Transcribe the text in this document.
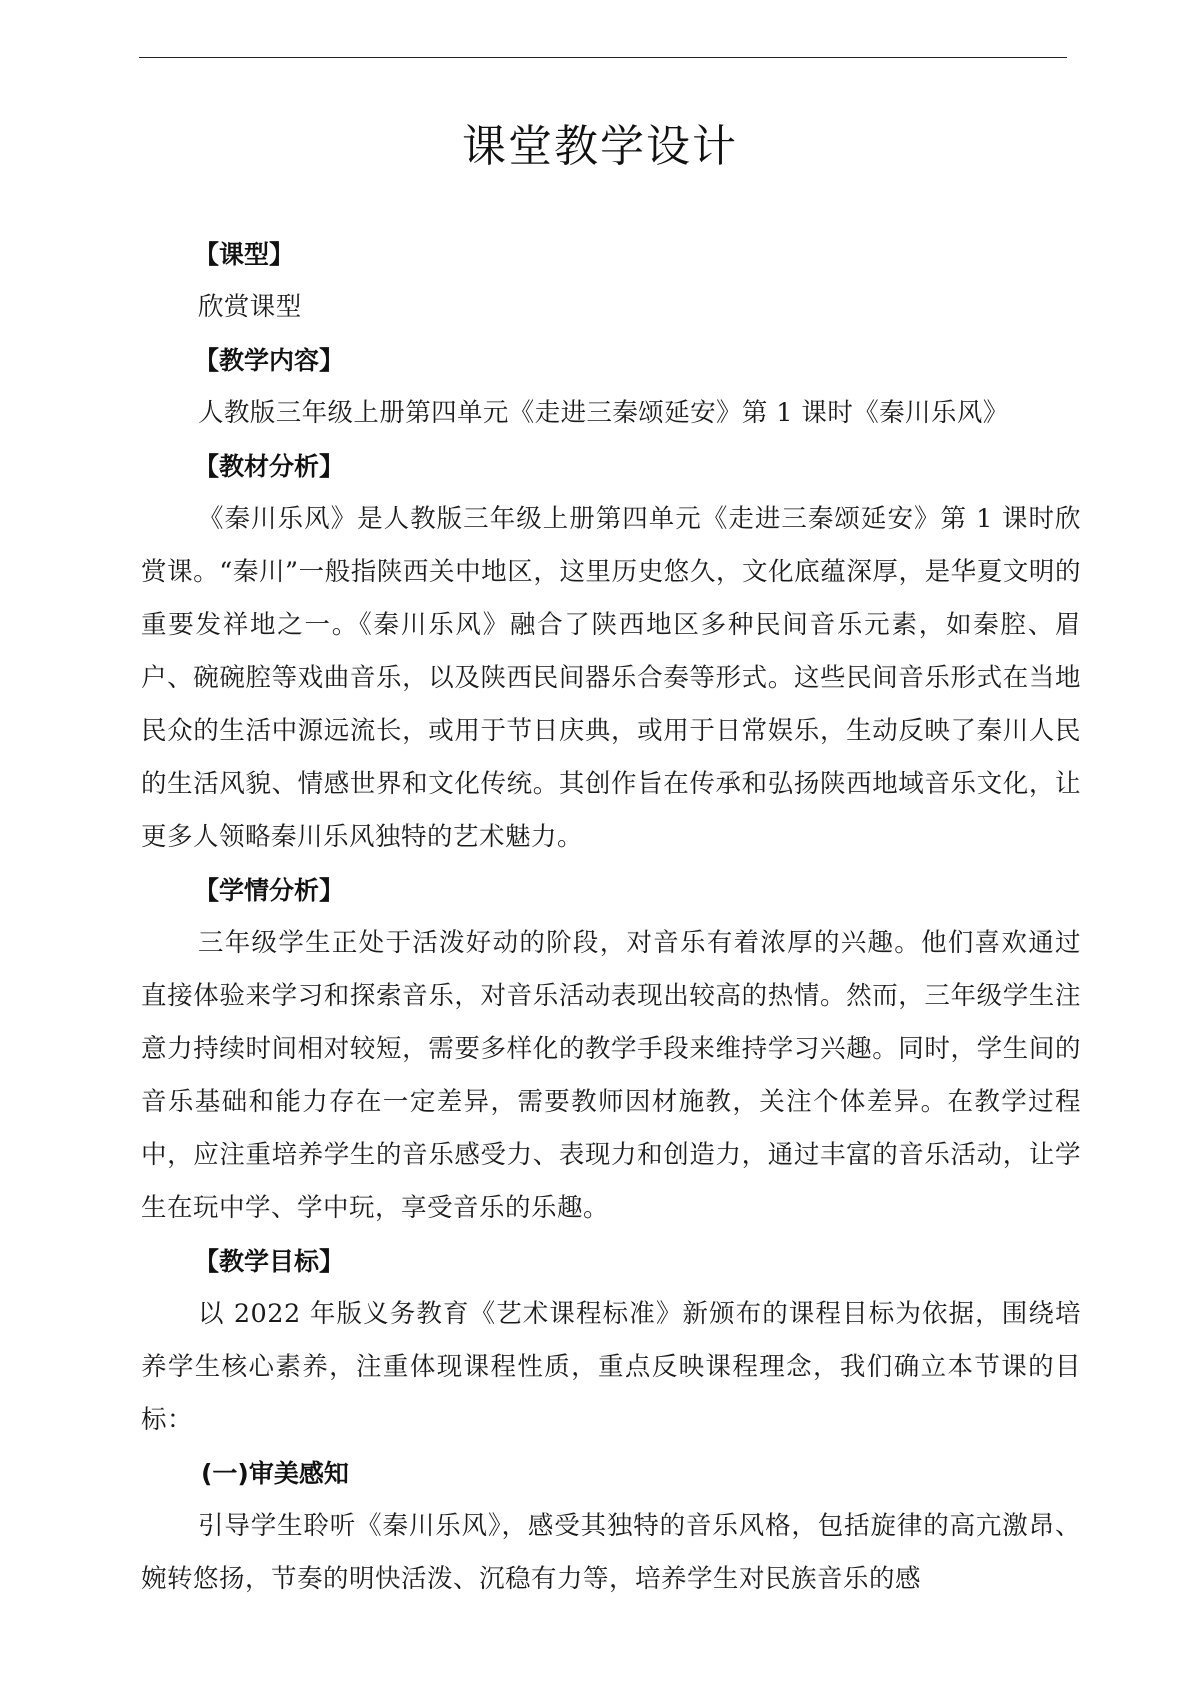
课堂教学设计
【课型】

欣赏课型

【教学内容】

人教版三年级上册第四单元《走进三秦颂延安》第 1 课时《秦川乐风》

【教材分析】

《秦川乐风》是人教版三年级上册第四单元《走进三秦颂延安》第 1 课时欣赏课。“秦川”一般指陕西关中地区，这里历史悠久，文化底蕴深厚，是华夏文明的重要发祥地之一。《秦川乐风》融合了陕西地区多种民间音乐元素，如秦腔、眉户、碗碗腔等戏曲音乐，以及陕西民间器乐合奏等形式。这些民间音乐形式在当地民众的生活中源远流长，或用于节日庆典，或用于日常娱乐，生动反映了秦川人民的生活风貌、情感世界和文化传统。其创作旨在传承和弘扬陕西地域音乐文化，让更多人领略秦川乐风独特的艺术魅力。

【学情分析】

三年级学生正处于活泼好动的阶段，对音乐有着浓厚的兴趣。他们喜欢通过直接体验来学习和探索音乐，对音乐活动表现出较高的热情。然而，三年级学生注意力持续时间相对较短，需要多样化的教学手段来维持学习兴趣。同时，学生间的音乐基础和能力存在一定差异，需要教师因材施教，关注个体差异。在教学过程中，应注重培养学生的音乐感受力、表现力和创造力，通过丰富的音乐活动，让学生在玩中学、学中玩，享受音乐的乐趣。

【教学目标】

以 2022 年版义务教育《艺术课程标准》新颁布的课程目标为依据，围绕培养学生核心素养，注重体现课程性质，重点反映课程理念，我们确立本节课的目标：

(一)审美感知

引导学生聆听《秦川乐风》，感受其独特的音乐风格，包括旋律的高亢激昂、婉转悠扬，节奏的明快活泼、沉稳有力等，培养学生对民族音乐的感
